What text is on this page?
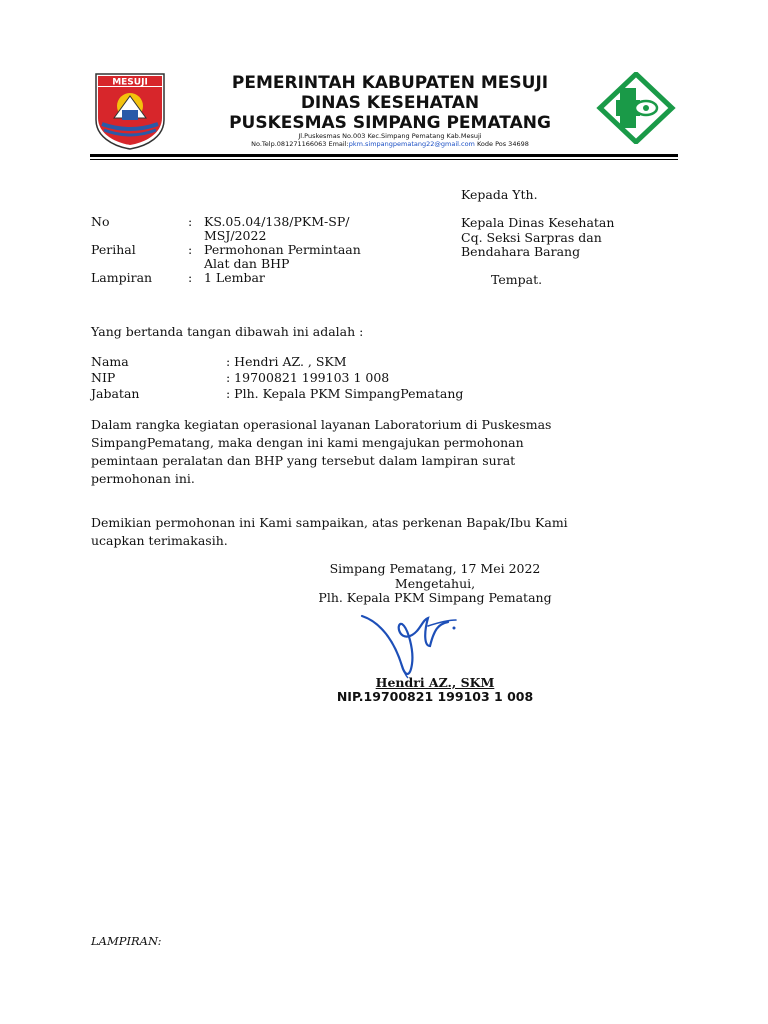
MESUJI	PEMERINTAH KABUPATEN MESUJI
DINAS KESEHATAN
PUSKESMAS SIMPANG PEMATANG
Jl.Puskesmas No.003 Kec.Simpang Pematang Kab.Mesuji
No.Telp.081271166063 Email:pkm.simpangpematang22@gmail.com Kode Pos 34698
No	: KS.05.04/138/PKM-SP/
MSJ/2022
Perihal	: Permohonan Permintaan
Alat dan BHP
Lampiran	: 1 Lembar
Kepada Yth.
Kepala Dinas Kesehatan
Cq. Seksi Sarpras dan
Bendahara Barang
Tempat.
Yang bertanda tangan dibawah ini adalah :
Nama	: Hendri AZ. , SKM
NIP	: 19700821 199103 1 008
Jabatan	: Plh. Kepala PKM SimpangPematang
Dalam rangka kegiatan operasional layanan Laboratorium di Puskesmas
SimpangPematang, maka dengan ini kami mengajukan permohonan
pemintaan peralatan dan BHP yang tersebut dalam lampiran surat
permohonan ini.
Demikian permohonan ini Kami sampaikan, atas perkenan Bapak/Ibu Kami
ucapkan terimakasih.
Simpang Pematang, 17 Mei 2022
Mengetahui,
Plh. Kepala PKM Simpang Pematang
Hendri AZ., SKM
NIP.19700821 199103 1 008
LAMPIRAN:
